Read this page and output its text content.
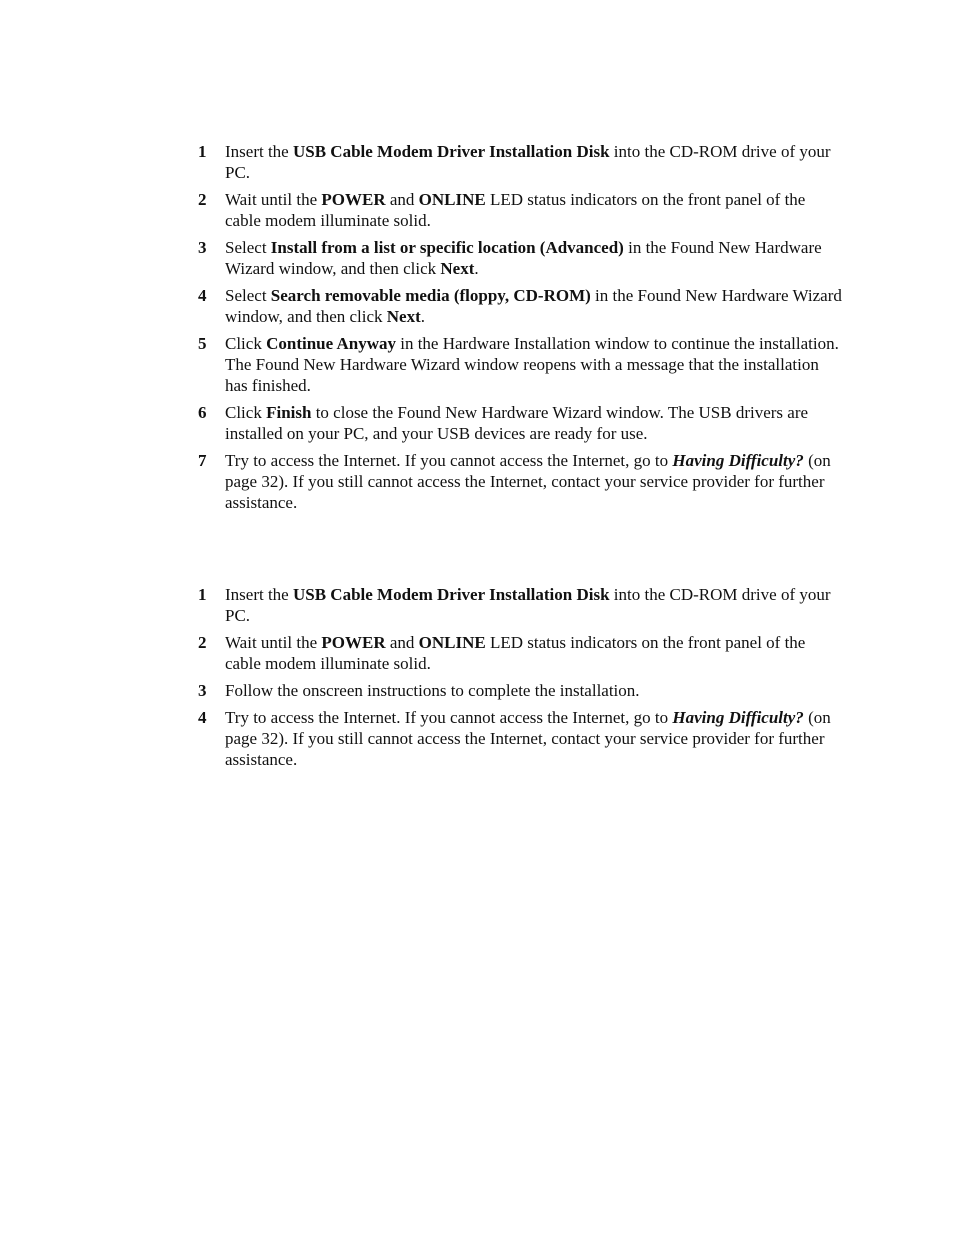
1 Insert the USB Cable Modem Driver Installation Disk into the CD-ROM drive of your PC.
2 Wait until the POWER and ONLINE LED status indicators on the front panel of the cable modem illuminate solid.
3 Select Install from a list or specific location (Advanced) in the Found New Hardware Wizard window, and then click Next.
4 Select Search removable media (floppy, CD-ROM) in the Found New Hardware Wizard window, and then click Next.
5 Click Continue Anyway in the Hardware Installation window to continue the installation. The Found New Hardware Wizard window reopens with a message that the installation has finished.
6 Click Finish to close the Found New Hardware Wizard window. The USB drivers are installed on your PC, and your USB devices are ready for use.
7 Try to access the Internet. If you cannot access the Internet, go to Having Difficulty? (on page 32). If you still cannot access the Internet, contact your service provider for further assistance.
1 Insert the USB Cable Modem Driver Installation Disk into the CD-ROM drive of your PC.
2 Wait until the POWER and ONLINE LED status indicators on the front panel of the cable modem illuminate solid.
3 Follow the onscreen instructions to complete the installation.
4 Try to access the Internet. If you cannot access the Internet, go to Having Difficulty? (on page 32). If you still cannot access the Internet, contact your service provider for further assistance.
